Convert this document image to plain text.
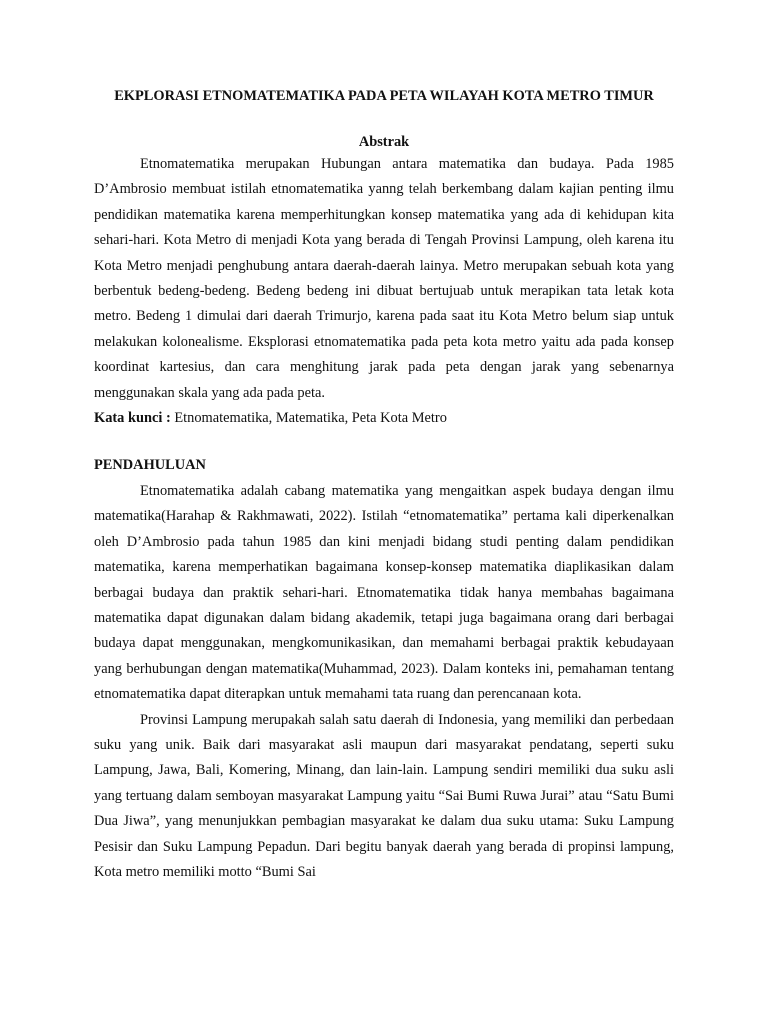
EKPLORASI ETNOMATEMATIKA PADA PETA WILAYAH KOTA METRO TIMUR
Abstrak

Etnomatematika merupakan Hubungan antara matematika dan budaya. Pada 1985 D’Ambrosio membuat istilah etnomatematika yanng telah berkembang dalam kajian penting ilmu pendidikan matematika karena memperhitungkan konsep matematika yang ada di kehidupan kita sehari-hari. Kota Metro di menjadi Kota yang berada di Tengah Provinsi Lampung, oleh karena itu Kota Metro menjadi penghubung antara daerah-daerah lainya. Metro merupakan sebuah kota yang berbentuk bedeng-bedeng. Bedeng bedeng ini dibuat bertujuab untuk merapikan tata letak kota metro. Bedeng 1 dimulai dari daerah Trimurjo, karena pada saat itu Kota Metro belum siap untuk melakukan kolonealisme. Eksplorasi etnomatematika pada peta kota metro yaitu ada pada konsep koordinat kartesius, dan cara menghitung jarak pada peta dengan jarak yang sebenarnya menggunakan skala yang ada pada peta.

Kata kunci : Etnomatematika, Matematika, Peta Kota Metro

PENDAHULUAN

Etnomatematika adalah cabang matematika yang mengaitkan aspek budaya dengan ilmu matematika(Harahap & Rakhmawati, 2022). Istilah “etnomatematika” pertama kali diperkenalkan oleh D’Ambrosio pada tahun 1985 dan kini menjadi bidang studi penting dalam pendidikan matematika, karena memperhatikan bagaimana konsep-konsep matematika diaplikasikan dalam berbagai budaya dan praktik sehari-hari. Etnomatematika tidak hanya membahas bagaimana matematika dapat digunakan dalam bidang akademik, tetapi juga bagaimana orang dari berbagai budaya dapat menggunakan, mengkomunikasikan, dan memahami berbagai praktik kebudayaan yang berhubungan dengan matematika(Muhammad, 2023). Dalam konteks ini, pemahaman tentang etnomatematika dapat diterapkan untuk memahami tata ruang dan perencanaan kota.

Provinsi Lampung merupakah salah satu daerah di Indonesia, yang memiliki dan perbedaan suku yang unik. Baik dari masyarakat asli maupun dari masyarakat pendatang, seperti suku Lampung, Jawa, Bali, Komering, Minang, dan lain-lain. Lampung sendiri memiliki dua suku asli yang tertuang dalam semboyan masyarakat Lampung yaitu “Sai Bumi Ruwa Jurai” atau “Satu Bumi Dua Jiwa”, yang menunjukkan pembagian masyarakat ke dalam dua suku utama: Suku Lampung Pesisir dan Suku Lampung Pepadun. Dari begitu banyak daerah yang berada di propinsi lampung, Kota metro memiliki motto “Bumi Sai
